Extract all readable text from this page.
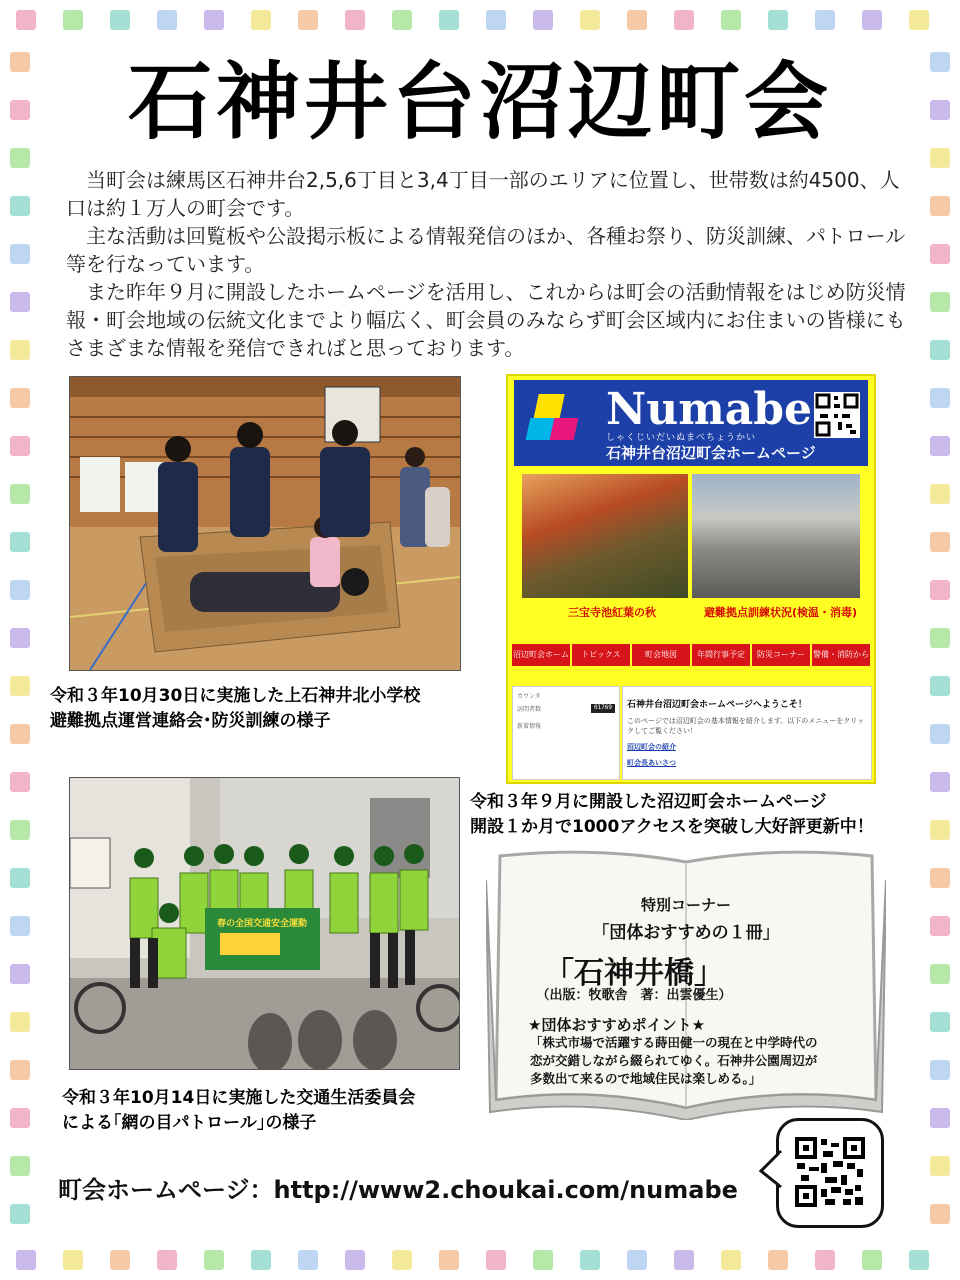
石神井台沼辺町会

　当町会は練馬区石神井台2,5,6丁目と3,4丁目一部のエリアに位置し、世帯数は約4500、人口は約１万人の町会です。

　主な活動は回覧板や公設掲示板による情報発信のほか、各種お祭り、防災訓練、パトロール等を行なっています。

　また昨年９月に開設したホームページを活用し、これからは町会の活動情報をはじめ防災情報・町会地域の伝統文化までより幅広く、町会員のみならず町会区域内にお住まいの皆様にもさまざまな情報を発信できればと思っております。

令和３年10月30日に実施した上石神井北小学校
避難拠点運営連絡会･防災訓練の様子
Numabe
しゃくじいだいぬまべちょうかい
石神井台沼辺町会ホームページ
三宝寺池紅葉の秋	避難拠点訓練状況(検温・消毒)
沼辺町会ホーム	トピックス	町会地図	年間行事予定	防災コーナー	警備・消防から
カウンタ
訪問者数	01769
新着情報
石神井台沼辺町会ホームページへようこそ！
このページでは沼辺町会の基本情報を紹介します。以下のメニューをクリックしてご覧ください！
沼辺町会の紹介
町会長あいさつ
令和３年９月に開設した沼辺町会ホームページ
開設１か月で1000アクセスを突破し大好評更新中！
春の全国交通安全運動
令和３年10月14日に実施した交通生活委員会
による｢網の目パトロール｣の様子
特別コーナー
「団体おすすめの１冊」
「石神井橋」
（出版：牧歌舎　著：出雲優生）
★団体おすすめポイント★
「株式市場で活躍する蒔田健一の現在と中学時代の
恋が交錯しながら綴られてゆく。石神井公園周辺が
多数出て来るので地域住民は楽しめる。」
町会ホームページ：http://www2.choukai.com/numabe
